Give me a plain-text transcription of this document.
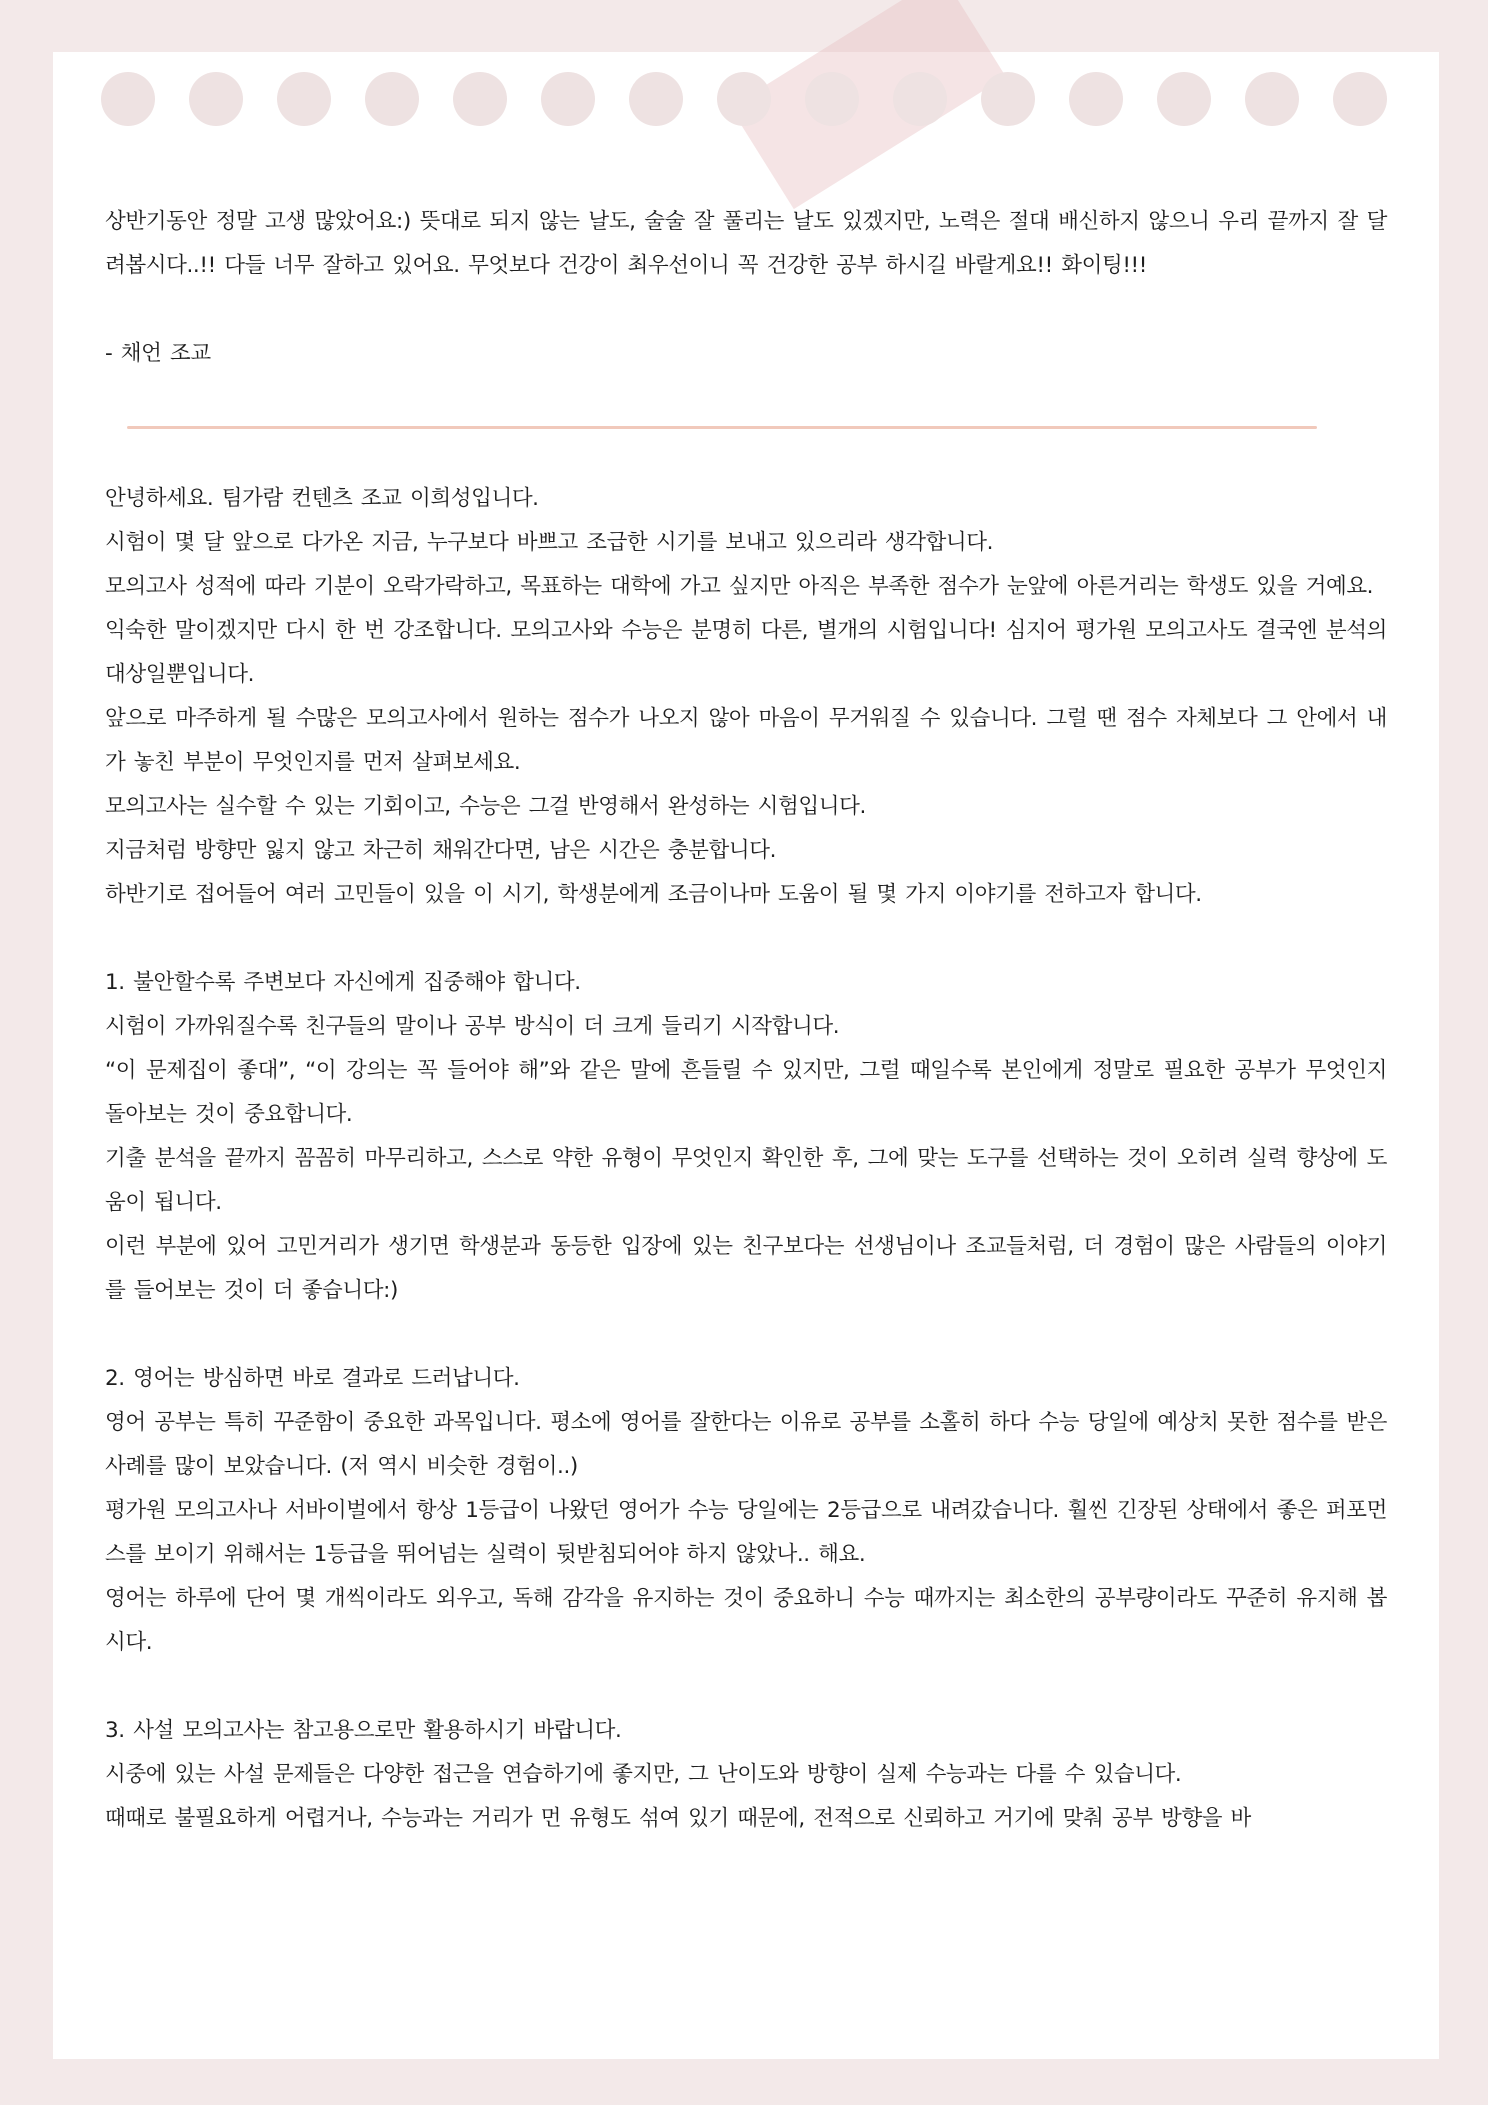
상반기동안 정말 고생 많았어요:) 뜻대로 되지 않는 날도, 술술 잘 풀리는 날도 있겠지만, 노력은 절대 배신하지 않으니 우리 끝까지 잘 달려봅시다..!! 다들 너무 잘하고 있어요. 무엇보다 건강이 최우선이니 꼭 건강한 공부 하시길 바랄게요!! 화이팅!!!

- 채언 조교

안녕하세요. 팀가람 컨텐츠 조교 이희성입니다.

시험이 몇 달 앞으로 다가온 지금, 누구보다 바쁘고 조급한 시기를 보내고 있으리라 생각합니다.

모의고사 성적에 따라 기분이 오락가락하고, 목표하는 대학에 가고 싶지만 아직은 부족한 점수가 눈앞에 아른거리는 학생도 있을 거예요.

익숙한 말이겠지만 다시 한 번 강조합니다. 모의고사와 수능은 분명히 다른, 별개의 시험입니다! 심지어 평가원 모의고사도 결국엔 분석의 대상일뿐입니다.

앞으로 마주하게 될 수많은 모의고사에서 원하는 점수가 나오지 않아 마음이 무거워질 수 있습니다. 그럴 땐 점수 자체보다 그 안에서 내가 놓친 부분이 무엇인지를 먼저 살펴보세요.

모의고사는 실수할 수 있는 기회이고, 수능은 그걸 반영해서 완성하는 시험입니다.

지금처럼 방향만 잃지 않고 차근히 채워간다면, 남은 시간은 충분합니다.

하반기로 접어들어 여러 고민들이 있을 이 시기, 학생분에게 조금이나마 도움이 될 몇 가지 이야기를 전하고자 합니다.

1. 불안할수록 주변보다 자신에게 집중해야 합니다.

시험이 가까워질수록 친구들의 말이나 공부 방식이 더 크게 들리기 시작합니다.

“이 문제집이 좋대”, “이 강의는 꼭 들어야 해”와 같은 말에 흔들릴 수 있지만, 그럴 때일수록 본인에게 정말로 필요한 공부가 무엇인지 돌아보는 것이 중요합니다.

기출 분석을 끝까지 꼼꼼히 마무리하고, 스스로 약한 유형이 무엇인지 확인한 후, 그에 맞는 도구를 선택하는 것이 오히려 실력 향상에 도움이 됩니다.

이런 부분에 있어 고민거리가 생기면 학생분과 동등한 입장에 있는 친구보다는 선생님이나 조교들처럼, 더 경험이 많은 사람들의 이야기를 들어보는 것이 더 좋습니다:)

2. 영어는 방심하면 바로 결과로 드러납니다.

영어 공부는 특히 꾸준함이 중요한 과목입니다. 평소에 영어를 잘한다는 이유로 공부를 소홀히 하다 수능 당일에 예상치 못한 점수를 받은 사례를 많이 보았습니다. (저 역시 비슷한 경험이..)

평가원 모의고사나 서바이벌에서 항상 1등급이 나왔던 영어가 수능 당일에는 2등급으로 내려갔습니다. 훨씬 긴장된 상태에서 좋은 퍼포먼스를 보이기 위해서는 1등급을 뛰어넘는 실력이 뒷받침되어야 하지 않았나.. 해요.

영어는 하루에 단어 몇 개씩이라도 외우고, 독해 감각을 유지하는 것이 중요하니 수능 때까지는 최소한의 공부량이라도 꾸준히 유지해 봅시다.

3. 사설 모의고사는 참고용으로만 활용하시기 바랍니다.

시중에 있는 사설 문제들은 다양한 접근을 연습하기에 좋지만, 그 난이도와 방향이 실제 수능과는 다를 수 있습니다.

때때로 불필요하게 어렵거나, 수능과는 거리가 먼 유형도 섞여 있기 때문에, 전적으로 신뢰하고 거기에 맞춰 공부 방향을 바
